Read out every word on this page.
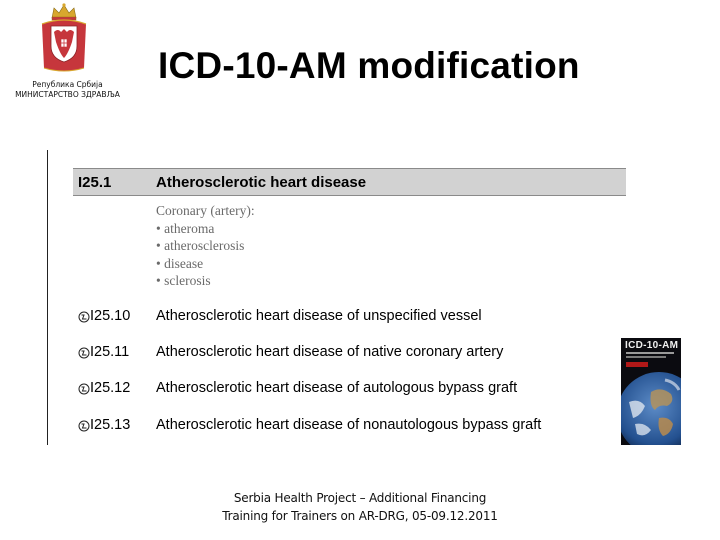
Република Србија
МИНИСТАРСТВО ЗДРАВЉА
ICD-10-AM modification
I25.1	Atherosclerotic heart disease
Coronary (artery):
• atheroma
• atherosclerosis
• disease
• sclerosis
I25.10 Atherosclerotic heart disease of unspecified vessel
I25.11 Atherosclerotic heart disease of native coronary artery
I25.12 Atherosclerotic heart disease of autologous bypass graft
I25.13 Atherosclerotic heart disease of nonautologous bypass graft
ICD-10-AM
Serbia Health Project – Additional Financing
Training for Trainers on AR-DRG, 05-09.12.2011
